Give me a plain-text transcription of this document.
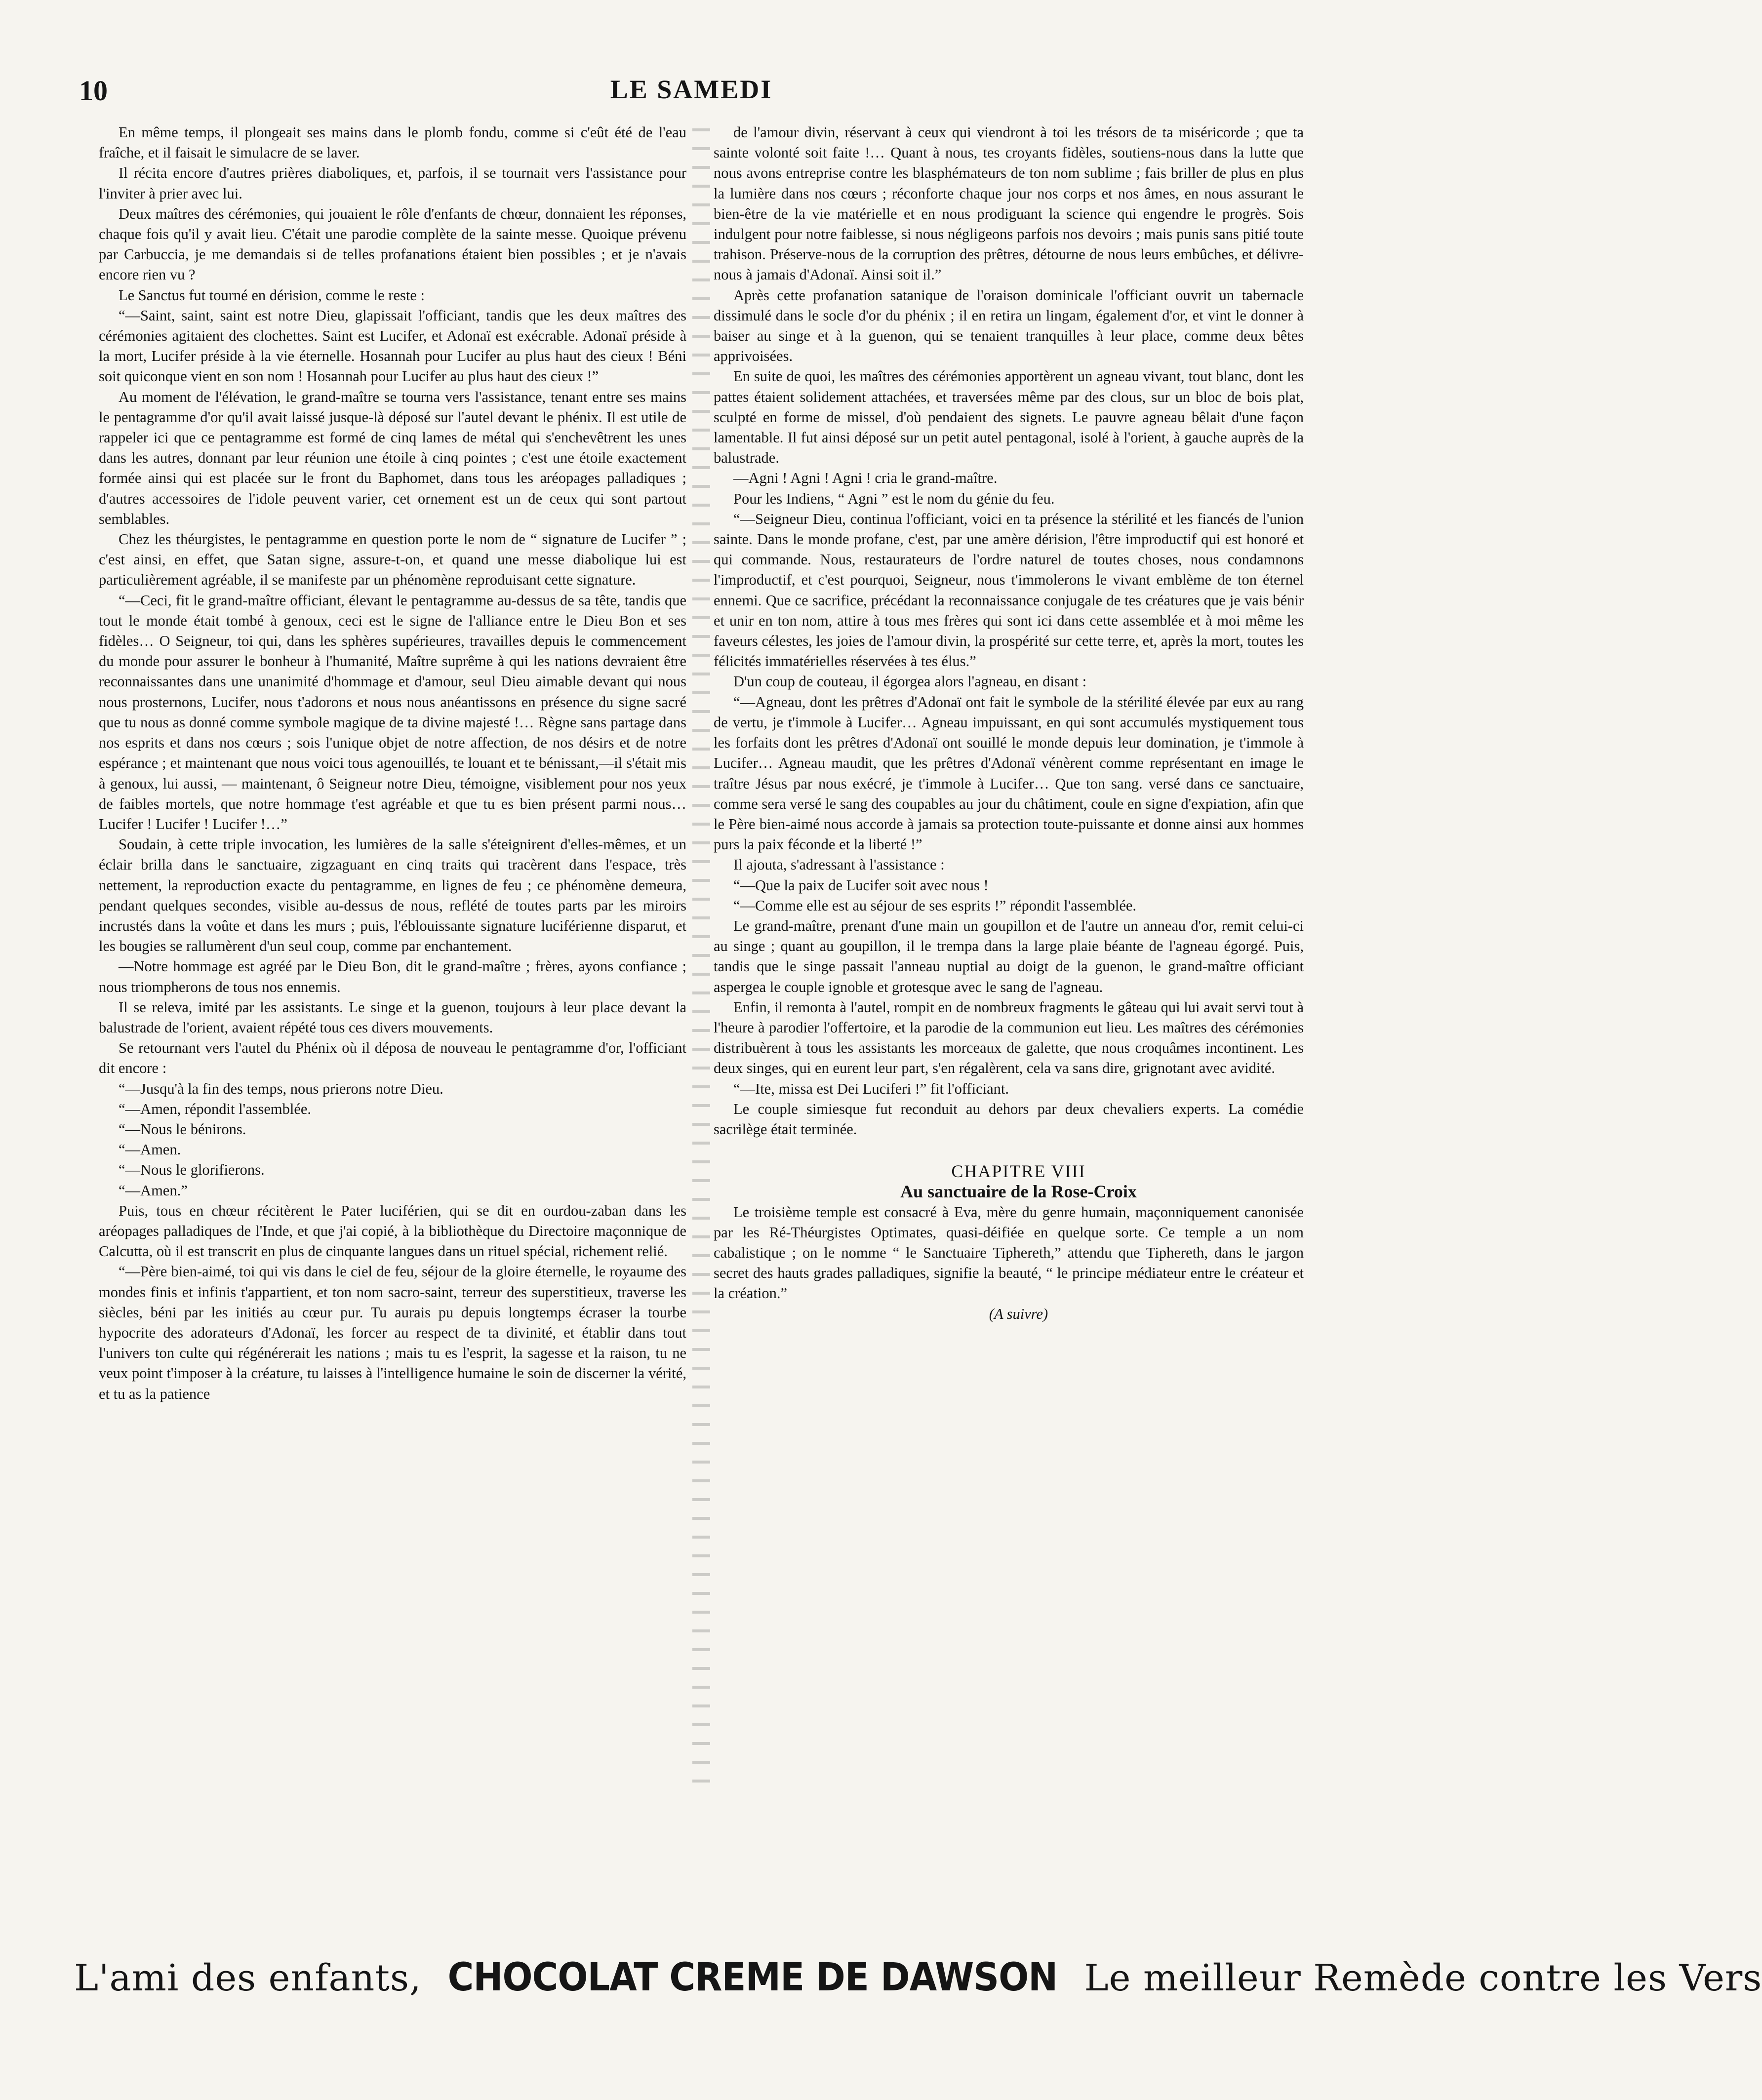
10	LE SAMEDI

En même temps, il plongeait ses mains dans le plomb fondu, comme si c'eût été de l'eau fraîche, et il faisait le simulacre de se laver.

Il récita encore d'autres prières diaboliques, et, parfois, il se tournait vers l'assistance pour l'inviter à prier avec lui.

Deux maîtres des cérémonies, qui jouaient le rôle d'enfants de chœur, donnaient les réponses, chaque fois qu'il y avait lieu. C'était une parodie complète de la sainte messe. Quoique prévenu par Carbuccia, je me demandais si de telles profanations étaient bien possibles ; et je n'avais encore rien vu ?

Le Sanctus fut tourné en dérision, comme le reste :

“—Saint, saint, saint est notre Dieu, glapissait l'officiant, tandis que les deux maîtres des cérémonies agitaient des clochettes. Saint est Lucifer, et Adonaï est exécrable. Adonaï préside à la mort, Lucifer préside à la vie éternelle. Hosannah pour Lucifer au plus haut des cieux ! Béni soit quiconque vient en son nom ! Hosannah pour Lucifer au plus haut des cieux !”

Au moment de l'élévation, le grand-maître se tourna vers l'assistance, tenant entre ses mains le pentagramme d'or qu'il avait laissé jusque-là déposé sur l'autel devant le phénix. Il est utile de rappeler ici que ce pentagramme est formé de cinq lames de métal qui s'enchevêtrent les unes dans les autres, donnant par leur réunion une étoile à cinq pointes ; c'est une étoile exactement formée ainsi qui est placée sur le front du Baphomet, dans tous les aréopages palladiques ; d'autres accessoires de l'idole peuvent varier, cet ornement est un de ceux qui sont partout semblables.

Chez les théurgistes, le pentagramme en question porte le nom de “ signature de Lucifer ” ; c'est ainsi, en effet, que Satan signe, assure-t-on, et quand une messe diabolique lui est particulièrement agréable, il se manifeste par un phénomène reproduisant cette signature.

“—Ceci, fit le grand-maître officiant, élevant le pentagramme au-dessus de sa tête, tandis que tout le monde était tombé à genoux, ceci est le signe de l'alliance entre le Dieu Bon et ses fidèles… O Seigneur, toi qui, dans les sphères supérieures, travailles depuis le commencement du monde pour assurer le bonheur à l'humanité, Maître suprême à qui les nations devraient être reconnaissantes dans une unanimité d'hommage et d'amour, seul Dieu aimable devant qui nous nous prosternons, Lucifer, nous t'adorons et nous nous anéantissons en présence du signe sacré que tu nous as donné comme symbole magique de ta divine majesté !… Règne sans partage dans nos esprits et dans nos cœurs ; sois l'unique objet de notre affection, de nos désirs et de notre espérance ; et maintenant que nous voici tous agenouillés, te louant et te bénissant,—il s'était mis à genoux, lui aussi, — maintenant, ô Seigneur notre Dieu, témoigne, visiblement pour nos yeux de faibles mortels, que notre hommage t'est agréable et que tu es bien présent parmi nous… Lucifer ! Lucifer ! Lucifer !…”

Soudain, à cette triple invocation, les lumières de la salle s'éteignirent d'elles-mêmes, et un éclair brilla dans le sanctuaire, zigzaguant en cinq traits qui tracèrent dans l'espace, très nettement, la reproduction exacte du pentagramme, en lignes de feu ; ce phénomène demeura, pendant quelques secondes, visible au-dessus de nous, reflété de toutes parts par les miroirs incrustés dans la voûte et dans les murs ; puis, l'éblouissante signature luciférienne disparut, et les bougies se rallumèrent d'un seul coup, comme par enchantement.

—Notre hommage est agréé par le Dieu Bon, dit le grand-maître ; frères, ayons confiance ; nous triompherons de tous nos ennemis.

Il se releva, imité par les assistants. Le singe et la guenon, toujours à leur place devant la balustrade de l'orient, avaient répété tous ces divers mouvements.

Se retournant vers l'autel du Phénix où il déposa de nouveau le pentagramme d'or, l'officiant dit encore :

“—Jusqu'à la fin des temps, nous prierons notre Dieu.

“—Amen, répondit l'assemblée.

“—Nous le bénirons.

“—Amen.

“—Nous le glorifierons.

“—Amen.”

Puis, tous en chœur récitèrent le Pater luciférien, qui se dit en ourdou-zaban dans les aréopages palladiques de l'Inde, et que j'ai copié, à la bibliothèque du Directoire maçonnique de Calcutta, où il est transcrit en plus de cinquante langues dans un rituel spécial, richement relié.

“—Père bien-aimé, toi qui vis dans le ciel de feu, séjour de la gloire éternelle, le royaume des mondes finis et infinis t'appartient, et ton nom sacro-saint, terreur des superstitieux, traverse les siècles, béni par les initiés au cœur pur. Tu aurais pu depuis longtemps écraser la tourbe hypocrite des adorateurs d'Adonaï, les forcer au respect de ta divinité, et établir dans tout l'univers ton culte qui régénérerait les nations ; mais tu es l'esprit, la sagesse et la raison, tu ne veux point t'imposer à la créature, tu laisses à l'intelligence humaine le soin de discerner la vérité, et tu as la patience

de l'amour divin, réservant à ceux qui viendront à toi les trésors de ta miséricorde ; que ta sainte volonté soit faite !… Quant à nous, tes croyants fidèles, soutiens-nous dans la lutte que nous avons entreprise contre les blasphémateurs de ton nom sublime ; fais briller de plus en plus la lumière dans nos cœurs ; réconforte chaque jour nos corps et nos âmes, en nous assurant le bien-être de la vie matérielle et en nous prodiguant la science qui engendre le progrès. Sois indulgent pour notre faiblesse, si nous négligeons parfois nos devoirs ; mais punis sans pitié toute trahison. Préserve-nous de la corruption des prêtres, détourne de nous leurs embûches, et délivre-nous à jamais d'Adonaï. Ainsi soit il.”

Après cette profanation satanique de l'oraison dominicale l'officiant ouvrit un tabernacle dissimulé dans le socle d'or du phénix ; il en retira un lingam, également d'or, et vint le donner à baiser au singe et à la guenon, qui se tenaient tranquilles à leur place, comme deux bêtes apprivoisées.

En suite de quoi, les maîtres des cérémonies apportèrent un agneau vivant, tout blanc, dont les pattes étaient solidement attachées, et traversées même par des clous, sur un bloc de bois plat, sculpté en forme de missel, d'où pendaient des signets. Le pauvre agneau bêlait d'une façon lamentable. Il fut ainsi déposé sur un petit autel pentagonal, isolé à l'orient, à gauche auprès de la balustrade.

—Agni ! Agni ! Agni ! cria le grand-maître.

Pour les Indiens, “ Agni ” est le nom du génie du feu.

“—Seigneur Dieu, continua l'officiant, voici en ta présence la stérilité et les fiancés de l'union sainte. Dans le monde profane, c'est, par une amère dérision, l'être improductif qui est honoré et qui commande. Nous, restaurateurs de l'ordre naturel de toutes choses, nous condamnons l'improductif, et c'est pourquoi, Seigneur, nous t'immolerons le vivant emblème de ton éternel ennemi. Que ce sacrifice, précédant la reconnaissance conjugale de tes créatures que je vais bénir et unir en ton nom, attire à tous mes frères qui sont ici dans cette assemblée et à moi même les faveurs célestes, les joies de l'amour divin, la prospérité sur cette terre, et, après la mort, toutes les félicités immatérielles réservées à tes élus.”

D'un coup de couteau, il égorgea alors l'agneau, en disant :

“—Agneau, dont les prêtres d'Adonaï ont fait le symbole de la stérilité élevée par eux au rang de vertu, je t'immole à Lucifer… Agneau impuissant, en qui sont accumulés mystiquement tous les forfaits dont les prêtres d'Adonaï ont souillé le monde depuis leur domination, je t'immole à Lucifer… Agneau maudit, que les prêtres d'Adonaï vénèrent comme représentant en image le traître Jésus par nous exécré, je t'immole à Lucifer… Que ton sang. versé dans ce sanctuaire, comme sera versé le sang des coupables au jour du châtiment, coule en signe d'expiation, afin que le Père bien-aimé nous accorde à jamais sa protection toute-puissante et donne ainsi aux hommes purs la paix féconde et la liberté !”

Il ajouta, s'adressant à l'assistance :

“—Que la paix de Lucifer soit avec nous !

“—Comme elle est au séjour de ses esprits !” répondit l'assemblée.

Le grand-maître, prenant d'une main un goupillon et de l'autre un anneau d'or, remit celui-ci au singe ; quant au goupillon, il le trempa dans la large plaie béante de l'agneau égorgé. Puis, tandis que le singe passait l'anneau nuptial au doigt de la guenon, le grand-maître officiant aspergea le couple ignoble et grotesque avec le sang de l'agneau.

Enfin, il remonta à l'autel, rompit en de nombreux fragments le gâteau qui lui avait servi tout à l'heure à parodier l'offertoire, et la parodie de la communion eut lieu. Les maîtres des cérémonies distribuèrent à tous les assistants les morceaux de galette, que nous croquâmes incontinent. Les deux singes, qui en eurent leur part, s'en régalèrent, cela va sans dire, grignotant avec avidité.

“—Ite, missa est Dei Luciferi !” fit l'officiant.

Le couple simiesque fut reconduit au dehors par deux chevaliers experts. La comédie sacrilège était terminée.

CHAPITRE VIII

Au sanctuaire de la Rose-Croix

Le troisième temple est consacré à Eva, mère du genre humain, maçonniquement canonisée par les Ré-Théurgistes Optimates, quasi-déifiée en quelque sorte. Ce temple a un nom cabalistique ; on le nomme “ le Sanctuaire Tiphereth,” attendu que Tiphereth, dans le jargon secret des hauts grades palladiques, signifie la beauté, “ le principe médiateur entre le créateur et la création.”

(A suivre)

L'ami des enfants, CHOCOLAT CREME DE DAWSON Le meilleur Remède contre les Vers
